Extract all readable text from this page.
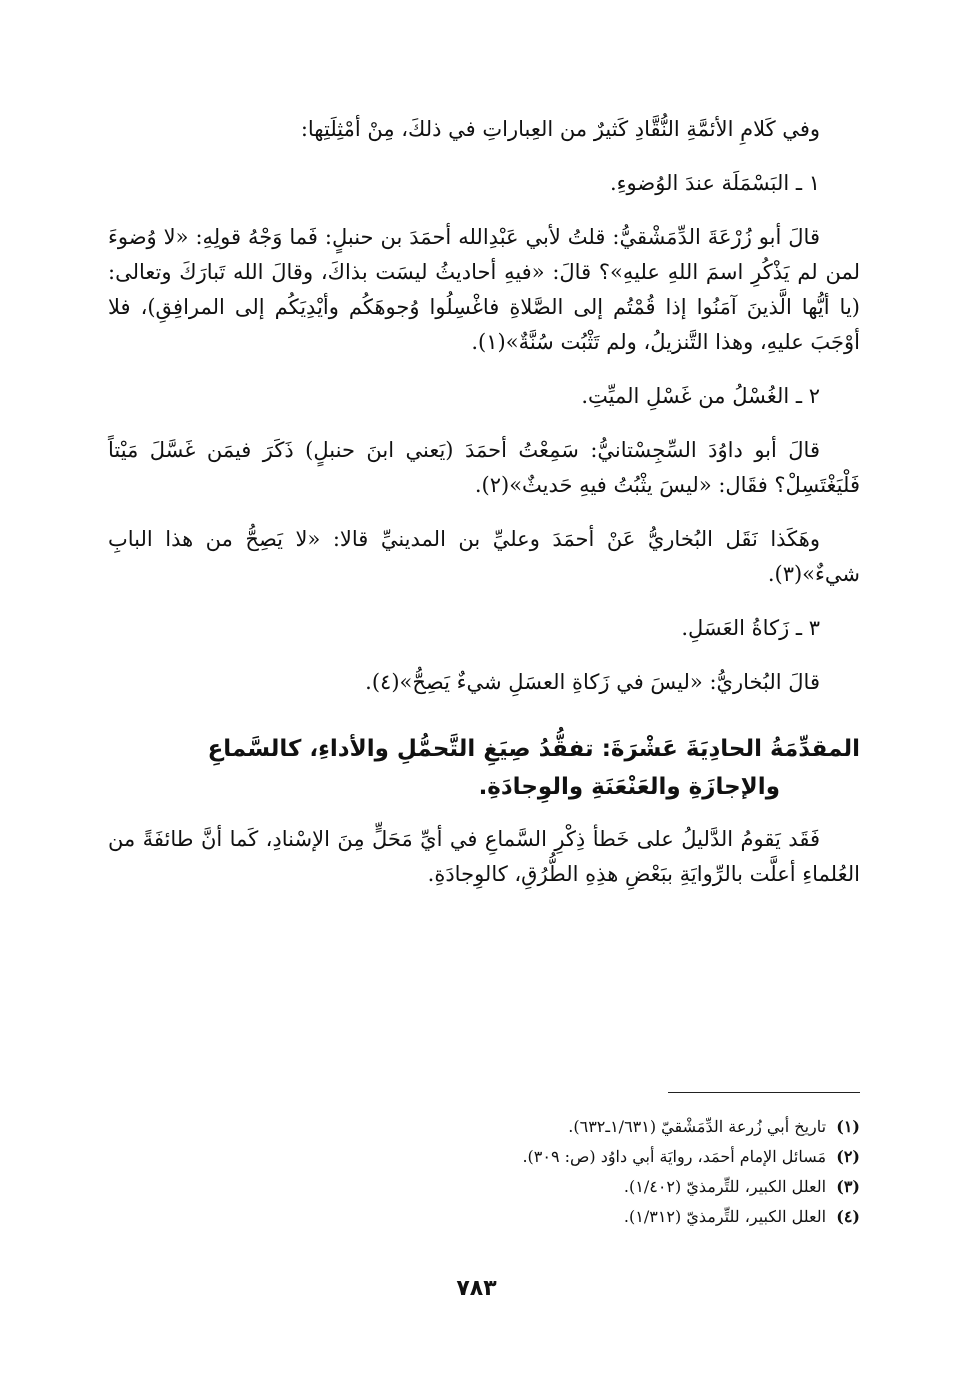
وفي كَلامِ الأئمَّةِ النُّقَّادِ كَثيرٌ من العِباراتِ في ذلكَ، مِنْ أمْثِلَتِها:

١ ـ البَسْمَلَة عندَ الوُضوءِ.

قالَ أبو زُرْعَةَ الدِّمَشْقيُّ: قلتُ لأبي عَبْدِالله أحمَدَ بن حنبلٍ: فَما وَجْهُ قولِهِ: «لا وُضوءَ لمن لم يَذْكُرِ اسمَ اللهِ عليهِ»؟ قالَ: «فيهِ أحاديثُ ليسَت بذاكَ، وقالَ الله تَبارَكَ وتعالى: (يا أيُّها الَّذينَ آمَنُوا إذا قُمْتُم إلى الصَّلاةِ فاغْسِلُوا وُجوهَكُم وأيْدِيَكُم إلى المرافِقِ)، فلا أوْجَبَ عليهِ، وهذا التَّنزيلُ، ولم تَثْبُت سُنَّةٌ»(١).

٢ ـ الغُسْلُ من غَسْلِ الميِّتِ.

قالَ أبو داوُدَ السِّجِسْتانيُّ: سَمِعْتُ أحمَدَ (يَعني ابنَ حنبلٍ) ذَكَرَ فيمَن غَسَّلَ مَيْتاً فَلْيَغْتَسِلْ؟ فقَال: «ليسَ يثْبُتُ فيهِ حَديثٌ»(٢).

وهَكَذا نَقَل البُخاريُّ عَنْ أحمَدَ وعليِّ بن المدينيِّ قالا: «لا يَصِحُّ من هذا البابِ شيءٌ»(٣).

٣ ـ زَكاةُ العَسَلِ.

قالَ البُخاريُّ: «ليسَ في زَكاةِ العسَلِ شيءٌ يَصِحُّ»(٤).

المقدِّمَةُ الحادِيَةَ عَشْرَةَ: تفقُّدُ صِيَغِ التَّحمُّلِ والأداءِ، كالسَّماعِ
والإجازَةِ والعَنْعَنَةِ والوِجادَةِ.

فَقَد يَقومُ الدَّليلُ على خَطأ ذِكْرِ السَّماعِ في أيِّ مَحَلٍّ مِنَ الإسْنادِ، كَما أنَّ طائفَةً من العُلماءِ أعلَّت بالرِّوايَةِ ببَعْضِ هذِهِ الطُّرُقِ، كالوِجادَةِ.

(١)  تاريخ أبي زُرعة الدِّمَشْقيّ (١/٦٣١ـ٦٣٢).
(٢)  مَسائل الإمام أحمَد، روايَة أبي داوُد (ص: ٣٠٩).
(٣)  العلل الكبير، للتِّرمذيّ (١/٤٠٢).
(٤)  العلل الكبير، للتِّرمذيّ (١/٣١٢).
٧٨٣
